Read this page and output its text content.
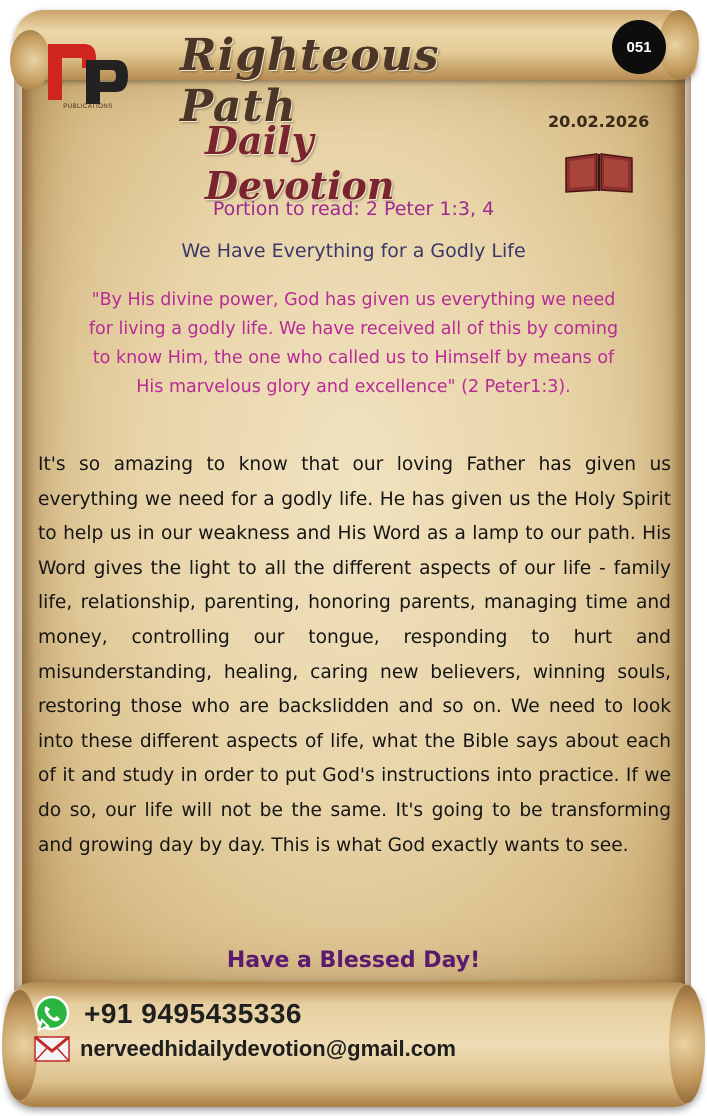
PUBLICATIONS
051
Righteous Path
Daily Devotion
20.02.2026
Portion to read: 2 Peter 1:3, 4
We Have Everything for a Godly Life
"By His divine power, God has given us everything we need for living a godly life. We have received all of this by coming to know Him, the one who called us to Himself by means of His marvelous glory and excellence" (2 Peter1:3).
It's so amazing to know that our loving Father has given us everything we need for a godly life. He has given us the Holy Spirit to help us in our weakness and His Word as a lamp to our path. His Word gives the light to all the different aspects of our life - family life, relationship, parenting, honoring parents, managing time and money, controlling our tongue, responding to hurt and misunderstanding, healing, caring new believers, winning souls, restoring those who are backslidden and so on. We need to look into these different aspects of life, what the Bible says about each of it and study in order to put God's instructions into practice. If we do so, our life will not be the same. It's going to be transforming and growing day by day. This is what God exactly wants to see.
Have a Blessed Day!
+91 9495435336
nerveedhidailydevotion@gmail.com
